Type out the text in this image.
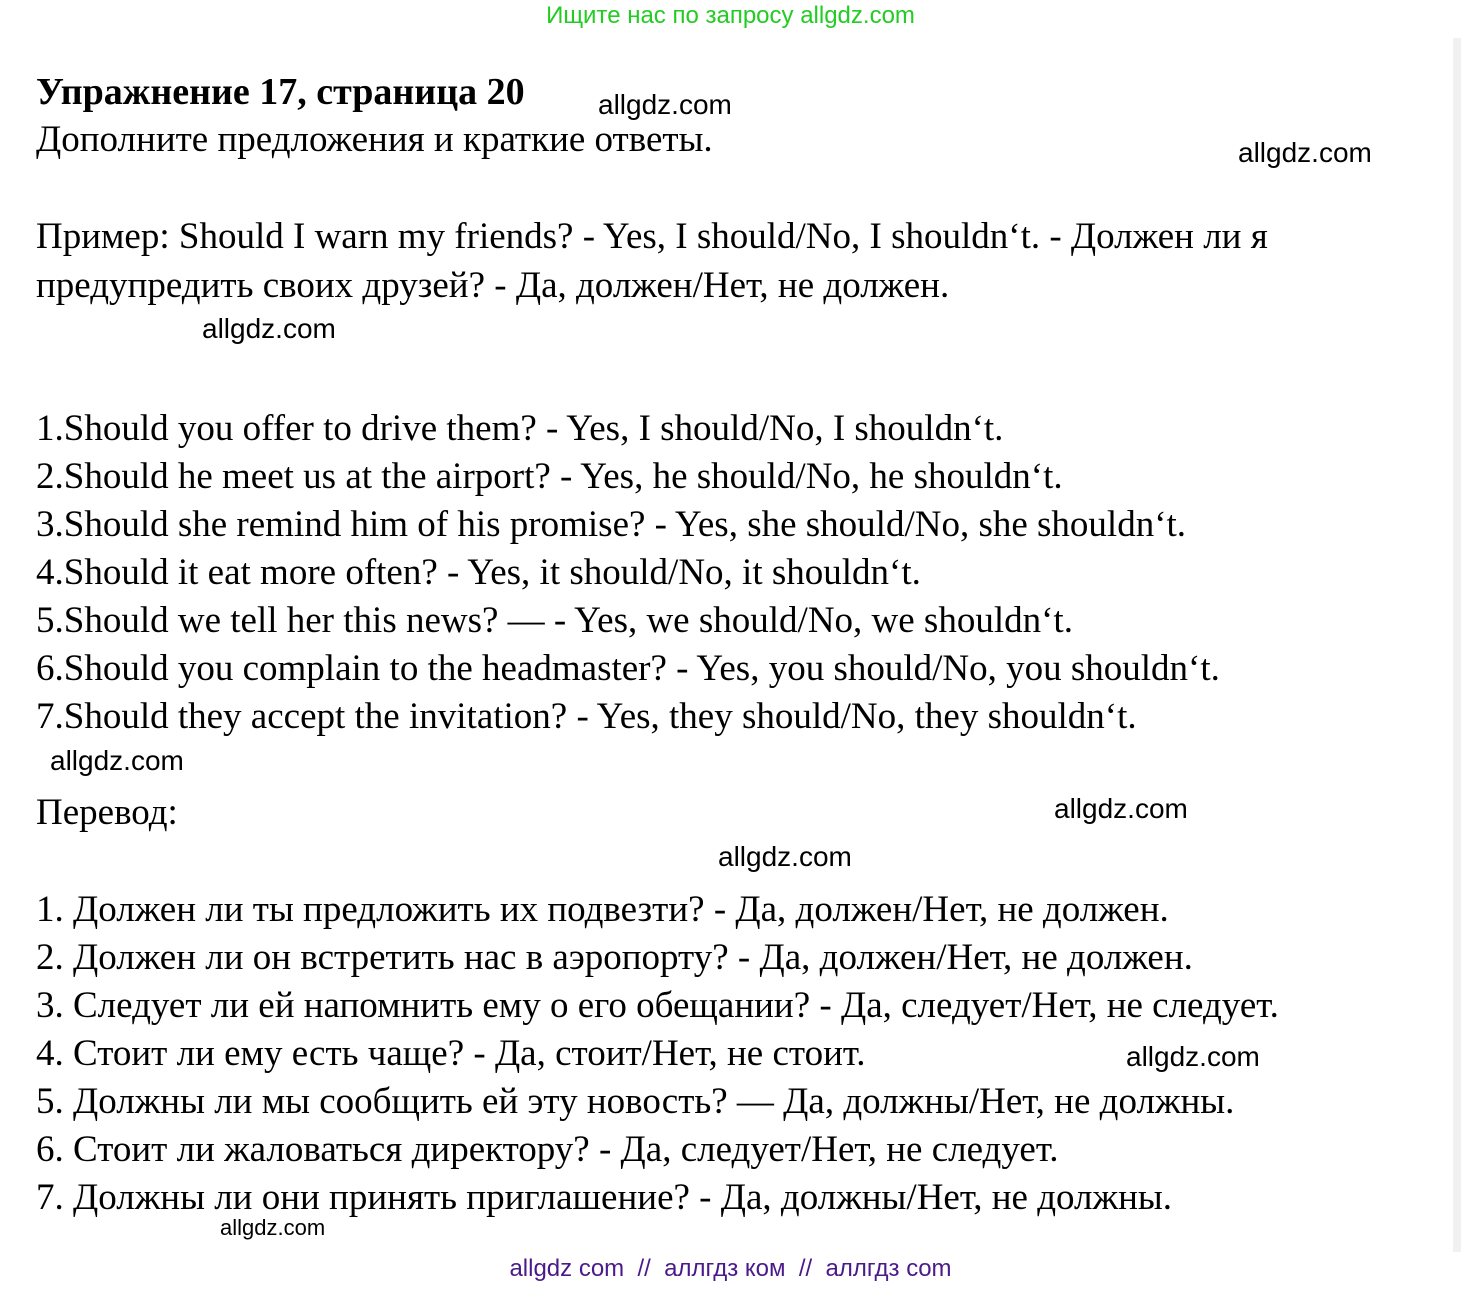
Ищите нас по запросу allgdz.com
Упражнение 17, страница 20
Дополните предложения и краткие ответы.
Пример: Should I warn my friends? - Yes, I should/No, I shouldn‘t. - Должен ли я
предупредить своих друзей? - Да, должен/Нет, не должен.
1.Should you offer to drive them? - Yes, I should/No, I shouldn‘t.
2.Should he meet us at the airport? - Yes, he should/No, he shouldn‘t.
3.Should she remind him of his promise? - Yes, she should/No, she shouldn‘t.
4.Should it eat more often? - Yes, it should/No, it shouldn‘t.
5.Should we tell her this news? — - Yes, we should/No, we shouldn‘t.
6.Should you complain to the headmaster? - Yes, you should/No, you shouldn‘t.
7.Should they accept the invitation? - Yes, they should/No, they shouldn‘t.
Перевод:
1. Должен ли ты предложить их подвезти? - Да, должен/Нет, не должен.
2. Должен ли он встретить нас в аэропорту? - Да, должен/Нет, не должен.
3. Следует ли ей напомнить ему о его обещании? - Да, следует/Нет, не следует.
4. Стоит ли ему есть чаще? - Да, стоит/Нет, не стоит.
5. Должны ли мы сообщить ей эту новость? — Да, должны/Нет, не должны.
6. Стоит ли жаловаться директору? - Да, следует/Нет, не следует.
7. Должны ли они принять приглашение? - Да, должны/Нет, не должны.
allgdz.com
allgdz.com
allgdz.com
allgdz.com
allgdz.com
allgdz.com
allgdz.com
allgdz.com
allgdz com  //  аллгдз ком  //  аллгдз com
